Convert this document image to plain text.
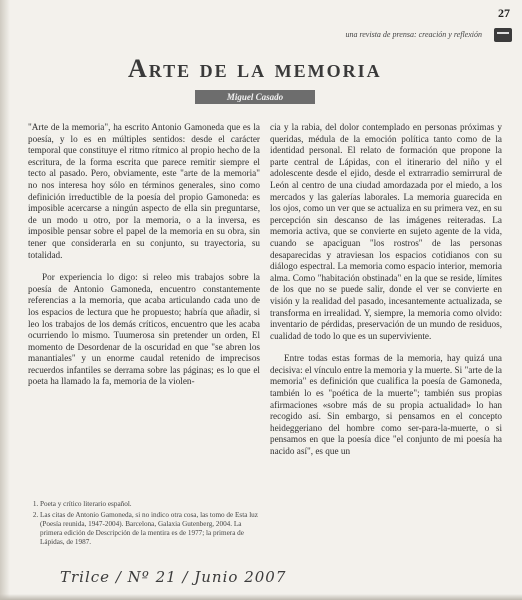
27
una revista de prensa: creación y reflexión
Arte de la memoria
Miguel Casado

"Arte de la memoria", ha escrito Antonio Gamoneda que es la poesía, y lo es en múltiples sentidos: desde el carácter temporal que constituye el ritmo rítmico al propio hecho de la escritura, de la forma escrita que parece remitir siempre el tecto al pasado. Pero, obviamente, este "arte de la memoria" no nos interesa hoy sólo en términos generales, sino como definición irreductible de la poesía del propio Gamoneda: es imposible acercarse a ningún aspecto de ella sin preguntarse, de un modo u otro, por la memoria, o a la inversa, es imposible pensar sobre el papel de la memoria en su obra, sin tener que considerarla en su conjunto, su trayectoria, su totalidad.

Por experiencia lo digo: si releo mis trabajos sobre la poesía de Antonio Gamoneda, encuentro constantemente referencias a la memoria, que acaba articulando cada uno de los espacios de lectura que he propuesto; habría que añadir, si leo los trabajos de los demás críticos, encuentro que les acaba ocurriendo lo mismo. Tuumerosa sin pretender un orden, El momento de Desordenar de la oscuridad en que "se abren los manantiales" y un enorme caudal retenido de imprecisos recuerdos infantiles se derrama sobre las páginas; es lo que el poeta ha llamado la fa, memoria de la violen-

cia y la rabia, del dolor contemplado en personas próximas y queridas, médula de la emoción política tanto como de la identidad personal. El relato de formación que propone la parte central de Lápidas, con el itinerario del niño y el adolescente desde el ejido, desde el extrarradio semirrural de León al centro de una ciudad amordazada por el miedo, a los mercados y las galerías laborales. La memoria guarecida en los ojos, como un ver que se actualiza en su primera vez, en su percepción sin descanso de las imágenes reiteradas. La memoria activa, que se convierte en sujeto agente de la vida, cuando se apaciguan "los rostros" de las personas desaparecidas y atraviesan los espacios cotidianos con su diálogo espectral. La memoria como espacio interior, memoria alma. Como "habitación obstinada" en la que se reside, límites de los que no se puede salir, donde el ver se convierte en visión y la realidad del pasado, incesantemente actualizada, se transforma en irrealidad. Y, siempre, la memoria como olvido: inventario de pérdidas, preservación de un mundo de residuos, cualidad de todo lo que es un superviviente.

Entre todas estas formas de la memoria, hay quizá una decisiva: el vínculo entre la memoria y la muerte. Si "arte de la memoria" es definición que cualifica la poesía de Gamoneda, también lo es "poética de la muerte"; también sus propias afirmaciones «sobre más de su propia actualidad» lo han recogido así. Sin embargo, si pensamos en el concepto heideggeriano del hombre como ser-para-la-muerte, o si pensamos en que la poesía dice "el conjunto de mi poesía ha nacido así", es que un

1. Poeta y crítico literario español.
2. Las citas de Antonio Gamoneda, si no indico otra cosa, las tomo de Esta luz (Poesía reunida, 1947-2004). Barcelona, Galaxia Gutenberg, 2004. La primera edición de Descripción de la mentira es de 1977; la primera de Lápidas, de 1987.
Trilce / Nº 21 / Junio 2007
